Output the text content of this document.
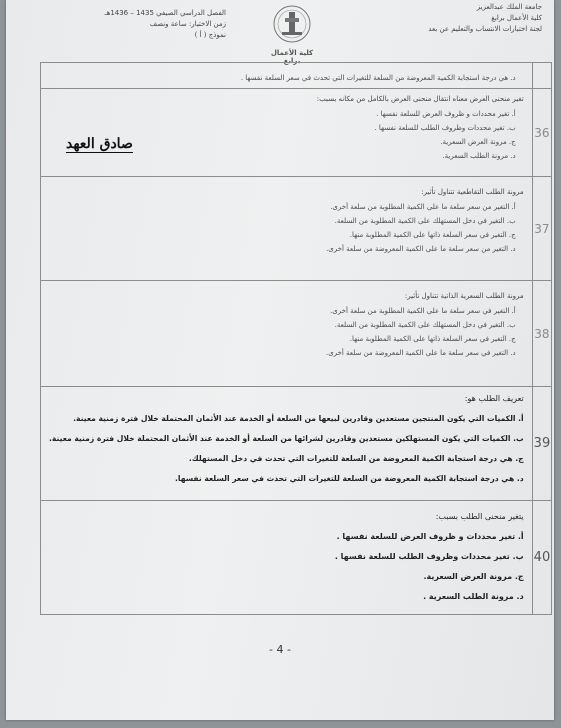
جامعة الملك عبدالعزيز
كلية الأعمال برابغ
لجنة اختبارات الانتساب والتعليم عن بعد
كلية الأعمال برابغ
الفصل الدراسي الصيفي 1435 – 1436هـ
زمن الاختبار: ساعة ونصف
نموذج ( أ )
د. هي درجة استجابة الكمية المعروضة من السلعة للتغيرات التي تحدث في سعر السلعة نفسها .	

تغير منحنى العرض معناه انتقال منحنى العرض بالكامل من مكانه بسبب:
أ. تغير محددات و ظروف العرض للسلعة نفسها .
ب. تغير محددات وظروف الطلب للسلعة نفسها .
ج. مرونة العرض السعرية.
د. مرونة الطلب السعرية.	36

مرونة الطلب التقاطعية تتناول تأثير:
أ. التغير من سعر سلعة ما على الكمية المطلوبة من سلعة أخرى.
ب. التغير في دخل المستهلك على الكمية المطلوبة من السلعة.
ج. التغير في سعر السلعة ذاتها على الكمية المطلوبة منها.
د. التغير من سعر سلعة ما على الكمية المعروضة من سلعة أخرى.	37

مرونة الطلب السعرية الذاتية تتناول تأثير:
أ. التغير في سعر سلعة ما على الكمية المطلوبة من سلعة أخرى.
ب. التغير في دخل المستهلك على الكمية المطلوبة من السلعة.
ج. التغير في سعر السلعة ذاتها على الكمية المطلوبة منها.
د. التغير في سعر سلعة ما على الكمية المعروضة من سلعة أخرى.	38

تعريف الطلب هو:
أ. الكميات التي يكون المنتجين مستعدين وقادرين لبيعها من السلعة أو الخدمة عند الأثمان المحتملة خلال فترة زمنية معينة.
ب. الكميات التي يكون المستهلكين مستعدين وقادرين لشرائها من السلعة أو الخدمة عند الأثمان المحتملة خلال فترة زمنية معينة.
ج. هي درجة استجابة الكمية المعروضة من السلعة للتغيرات التي تحدث في دخل المستهلك.
د. هي درجة استجابة الكمية المعروضة من السلعة للتغيرات التي تحدث في سعر السلعة نفسها.	39

يتغير منحنى الطلب بسبب:
أ. تغير محددات و ظروف العرض للسلعة نفسها .
ب. تغير محددات وظروف الطلب للسلعة نفسها .
ج. مرونة العرض السعرية.
د. مرونة الطلب السعرية .	40
صادق العهد
- 4 -
